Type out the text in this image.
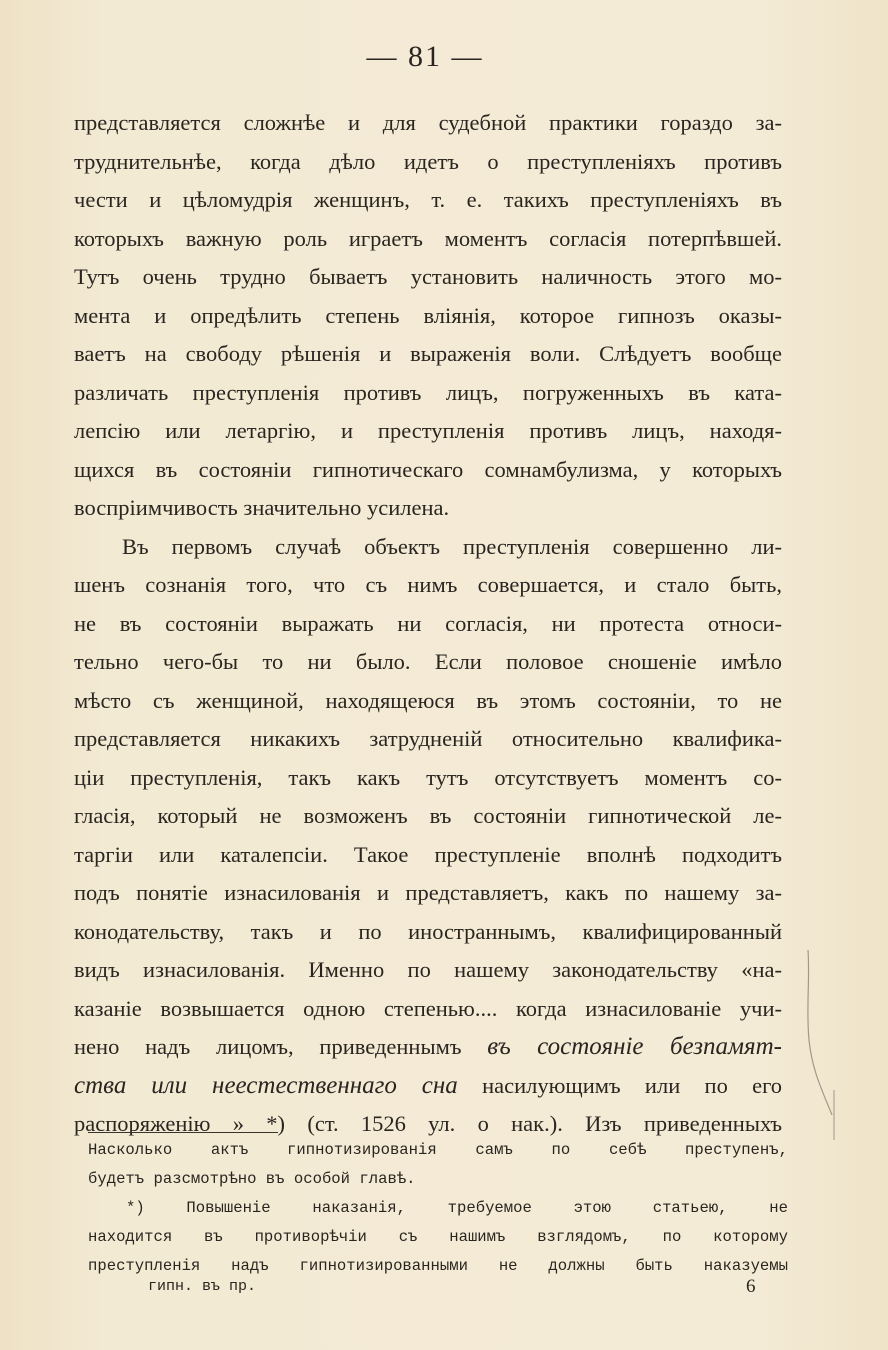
— 81 —
представляется сложнѣе и для судебной практики гораздо за-
труднительнѣе, когда дѣло идетъ о преступленіяхъ противъ
чести и цѣломудрія женщинъ, т. е. такихъ преступленіяхъ въ
которыхъ важную роль играетъ моментъ согласія потерпѣвшей.
Тутъ очень трудно бываетъ установить наличность этого мо-
мента и опредѣлить степень вліянія, которое гипнозъ оказы-
ваетъ на свободу рѣшенія и выраженія воли. Слѣдуетъ вообще
различать преступленія противъ лицъ, погруженныхъ въ ката-
лепсію или летаргію, и преступленія противъ лицъ, находя-
щихся въ состояніи гипнотическаго сомнамбулизма, у которыхъ
воспріимчивость значительно усилена.
Въ первомъ случаѣ объектъ преступленія совершенно ли-
шенъ сознанія того, что съ нимъ совершается, и стало быть,
не въ состояніи выражать ни согласія, ни протеста относи-
тельно чего-бы то ни было. Если половое сношеніе имѣло
мѣсто съ женщиной, находящеюся въ этомъ состояніи, то не
представляется никакихъ затрудненій относительно квалифика-
ціи преступленія, такъ какъ тутъ отсутствуетъ моментъ со-
гласія, который не возможенъ въ состояніи гипнотической ле-
таргіи или каталепсіи. Такое преступленіе вполнѣ подходитъ
подъ понятіе изнасилованія и представляетъ, какъ по нашему за-
конодательству, такъ и по иностраннымъ, квалифицированный
видъ изнасилованія. Именно по нашему законодательству «на-
казаніе возвышается одною степенью.... когда изнасилованіе учи-
нено надъ лицомъ, приведеннымъ въ состояніе безпамят-
ства или неестественнаго сна насилующимъ или по его
распоряженію » *) (ст. 1526 ул. о нак.). Изъ приведенныхъ
Насколько актъ гипнотизированія самъ по себѣ преступенъ,
будетъ разсмотрѣно въ особой главѣ.
*) Повышеніе наказанія, требуемое этою статьею, не
находится въ противорѣчіи съ нашимъ взглядомъ, по которому
преступленія надъ гипнотизированными не должны быть наказуемы
гипн. въ пр.	6
